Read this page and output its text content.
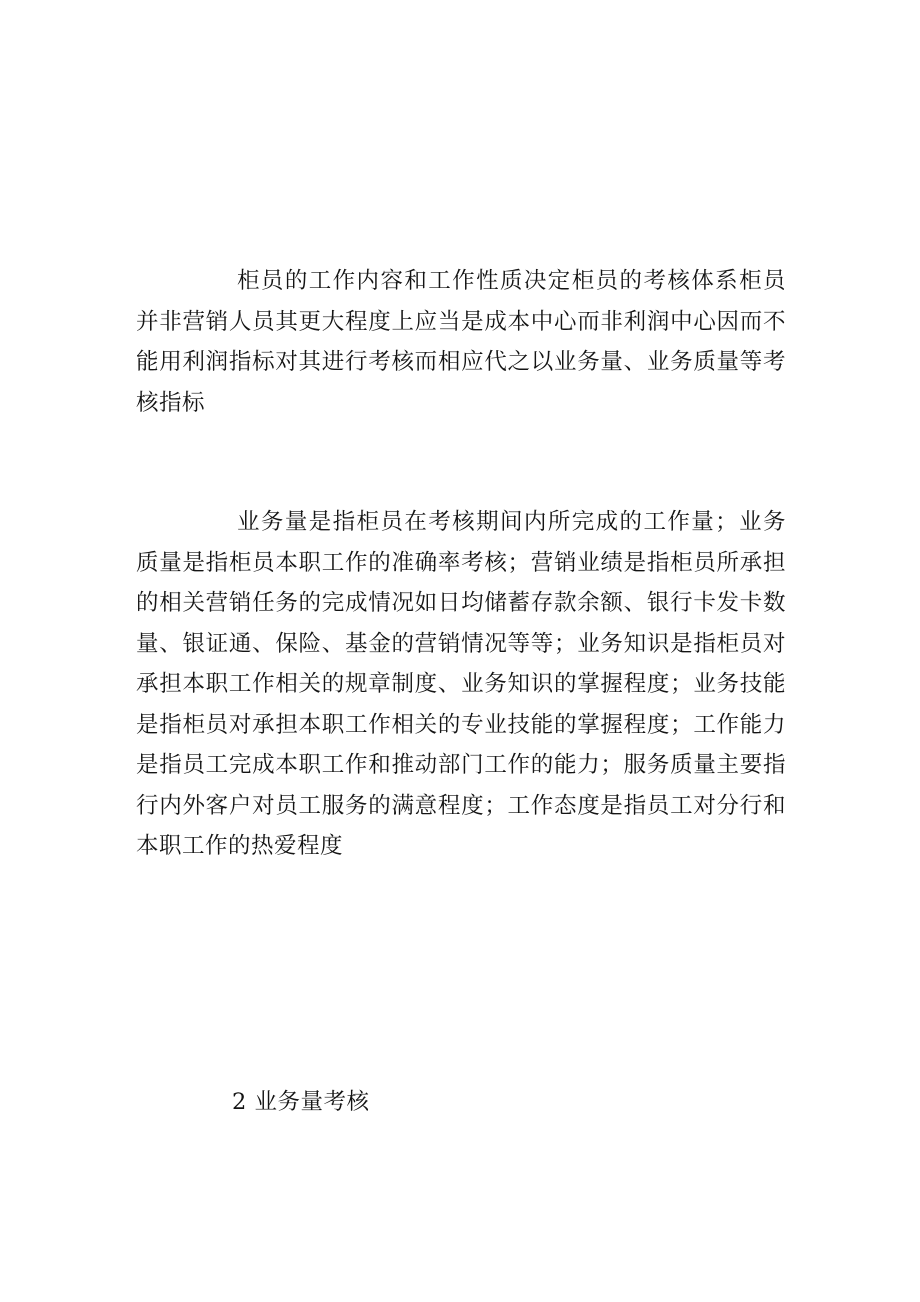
柜员的工作内容和工作性质决定柜员的考核体系柜员并非营销人员其更大程度上应当是成本中心而非利润中心因而不能用利润指标对其进行考核而相应代之以业务量、业务质量等考核指标

业务量是指柜员在考核期间内所完成的工作量；业务质量是指柜员本职工作的准确率考核；营销业绩是指柜员所承担的相关营销任务的完成情况如日均储蓄存款余额、银行卡发卡数量、银证通、保险、基金的营销情况等等；业务知识是指柜员对承担本职工作相关的规章制度、业务知识的掌握程度；业务技能是指柜员对承担本职工作相关的专业技能的掌握程度；工作能力是指员工完成本职工作和推动部门工作的能力；服务质量主要指行内外客户对员工服务的满意程度；工作态度是指员工对分行和本职工作的热爱程度

2 业务量考核
